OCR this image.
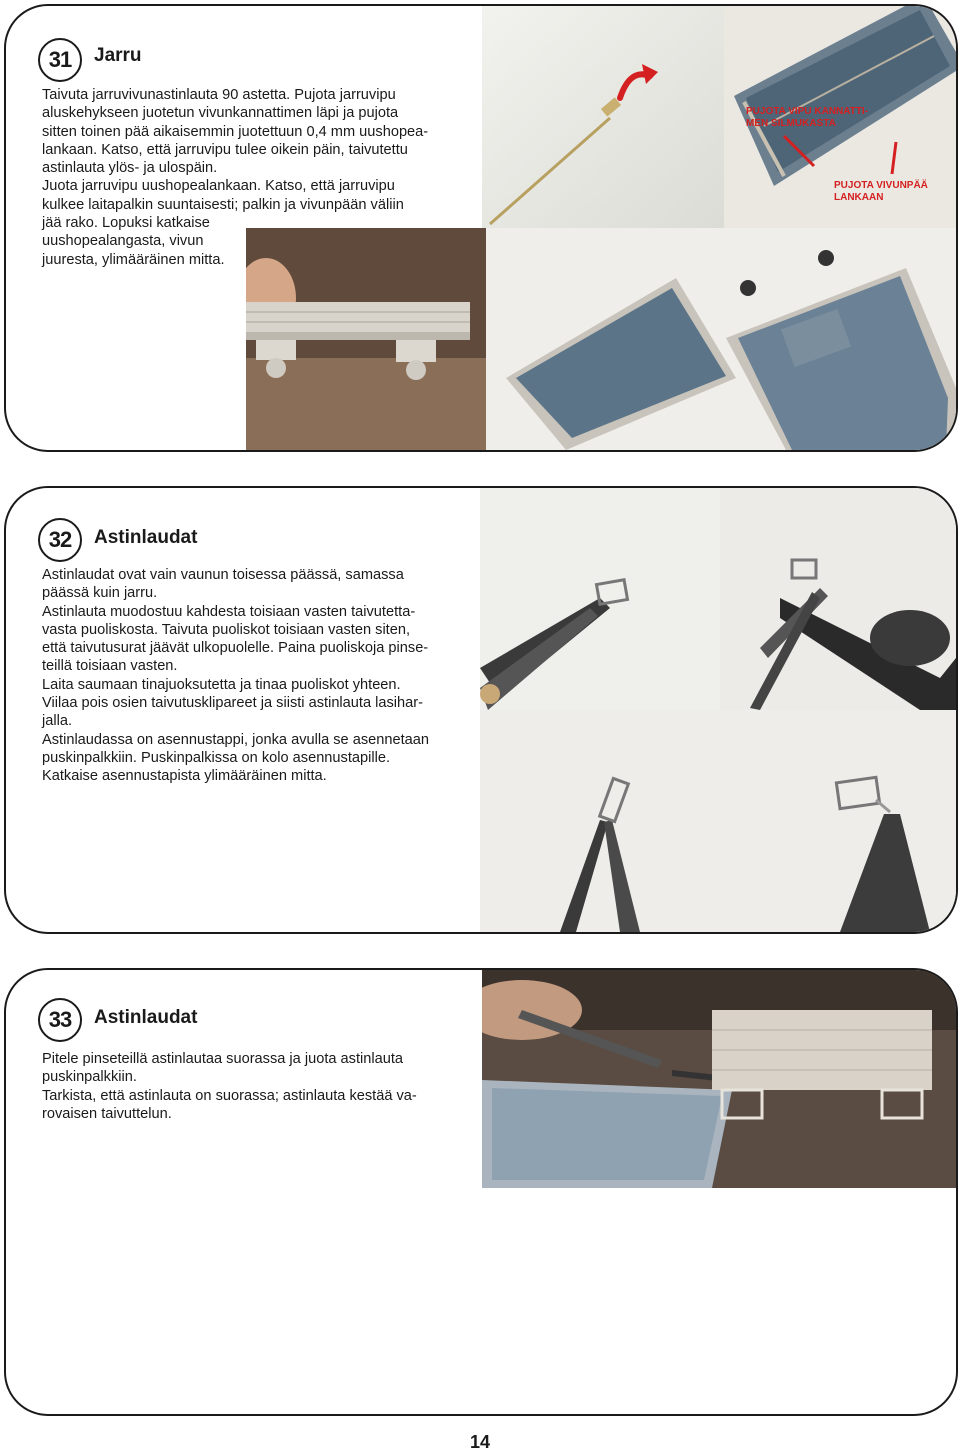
31	Jarru
Taivuta jarruvivunastinlauta 90 astetta. Pujota jarruvipu
aluskehykseen juotetun vivunkannattimen läpi ja pujota
sitten toinen pää aikaisemmin juotettuun 0,4 mm uushopea-
lankaan. Katso, että jarruvipu tulee oikein päin, taivutettu
astinlauta ylös- ja ulospäin.
Juota jarruvipu uushopealankaan. Katso, että jarruvipu
kulkee laitapalkin suuntaisesti; palkin ja vivunpään väliin
jää rako. Lopuksi katkaise
uushopealangasta, vivun
juuresta, ylimääräinen mitta.
PUJOTA VIPU KANNATTI-
MEN SILMUKASTA
PUJOTA VIVUNPÄÄ
LANKAAN
32	Astinlaudat
Astinlaudat ovat vain vaunun toisessa päässä, samassa
päässä kuin jarru.
Astinlauta muodostuu kahdesta toisiaan vasten taivutetta-
vasta puoliskosta. Taivuta puoliskot toisiaan vasten siten,
että taivutusurat jäävät ulkopuolelle. Paina puoliskoja pinse-
teillä toisiaan vasten.
Laita saumaan tinajuoksutetta ja tinaa puoliskot yhteen.
Viilaa pois osien taivutusklipareet ja siisti astinlauta lasihar-
jalla.
Astinlaudassa on asennustappi, jonka avulla se asennetaan
puskinpalkkiin. Puskinpalkissa on kolo asennustapille.
Katkaise asennustapista ylimääräinen mitta.
33	Astinlaudat
Pitele pinseteillä astinlautaa suorassa ja juota astinlauta
puskinpalkkiin.
Tarkista, että astinlauta on suorassa; astinlauta kestää va-
rovaisen taivuttelun.
14
